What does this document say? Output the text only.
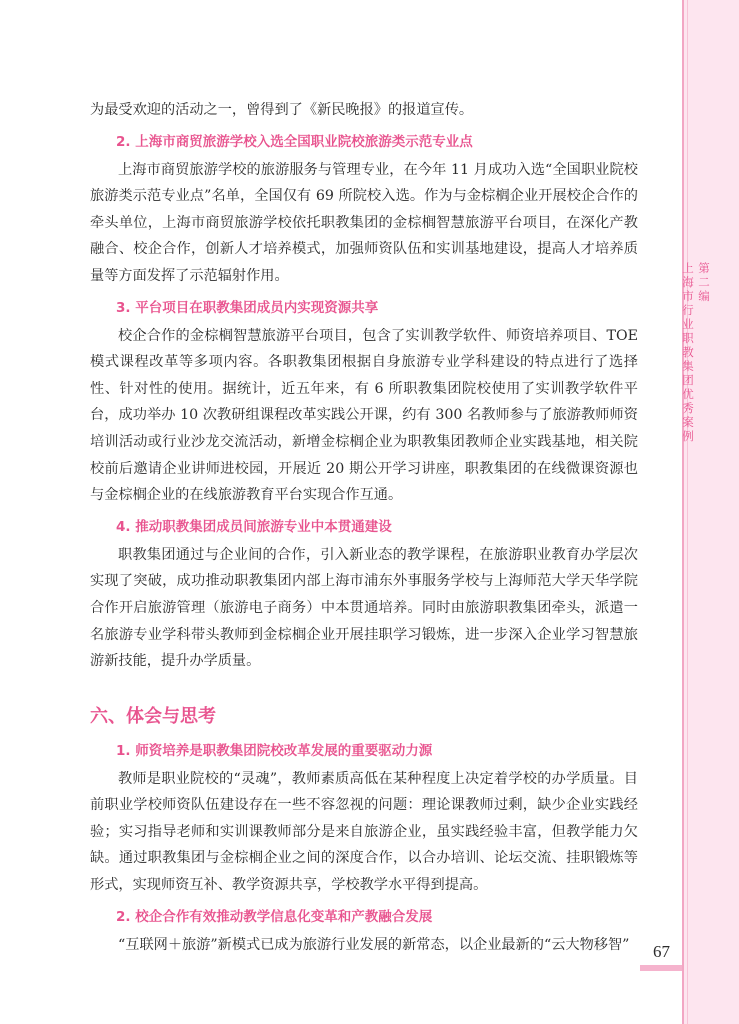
第二编
上海市行业职教集团优秀案例

为最受欢迎的活动之一，曾得到了《新民晚报》的报道宣传。

2. 上海市商贸旅游学校入选全国职业院校旅游类示范专业点

上海市商贸旅游学校的旅游服务与管理专业，在今年 11 月成功入选“全国职业院校旅游类示范专业点”名单，全国仅有 69 所院校入选。作为与金棕榈企业开展校企合作的牵头单位，上海市商贸旅游学校依托职教集团的金棕榈智慧旅游平台项目，在深化产教融合、校企合作，创新人才培养模式，加强师资队伍和实训基地建设，提高人才培养质量等方面发挥了示范辐射作用。

3. 平台项目在职教集团成员内实现资源共享

校企合作的金棕榈智慧旅游平台项目，包含了实训教学软件、师资培养项目、TOE 模式课程改革等多项内容。各职教集团根据自身旅游专业学科建设的特点进行了选择性、针对性的使用。据统计，近五年来，有 6 所职教集团院校使用了实训教学软件平台，成功举办 10 次教研组课程改革实践公开课，约有 300 名教师参与了旅游教师师资培训活动或行业沙龙交流活动，新增金棕榈企业为职教集团教师企业实践基地，相关院校前后邀请企业讲师进校园，开展近 20 期公开学习讲座，职教集团的在线微课资源也与金棕榈企业的在线旅游教育平台实现合作互通。

4. 推动职教集团成员间旅游专业中本贯通建设

职教集团通过与企业间的合作，引入新业态的教学课程，在旅游职业教育办学层次实现了突破，成功推动职教集团内部上海市浦东外事服务学校与上海师范大学天华学院合作开启旅游管理（旅游电子商务）中本贯通培养。同时由旅游职教集团牵头，派遣一名旅游专业学科带头教师到金棕榈企业开展挂职学习锻炼，进一步深入企业学习智慧旅游新技能，提升办学质量。

六、体会与思考
1. 师资培养是职教集团院校改革发展的重要驱动力源

教师是职业院校的“灵魂”，教师素质高低在某种程度上决定着学校的办学质量。目前职业学校师资队伍建设存在一些不容忽视的问题：理论课教师过剩，缺少企业实践经验；实习指导老师和实训课教师部分是来自旅游企业，虽实践经验丰富，但教学能力欠缺。通过职教集团与金棕榈企业之间的深度合作，以合办培训、论坛交流、挂职锻炼等形式，实现师资互补、教学资源共享，学校教学水平得到提高。

2. 校企合作有效推动教学信息化变革和产教融合发展

“互联网＋旅游”新模式已成为旅游行业发展的新常态，以企业最新的“云大物移智”	67
